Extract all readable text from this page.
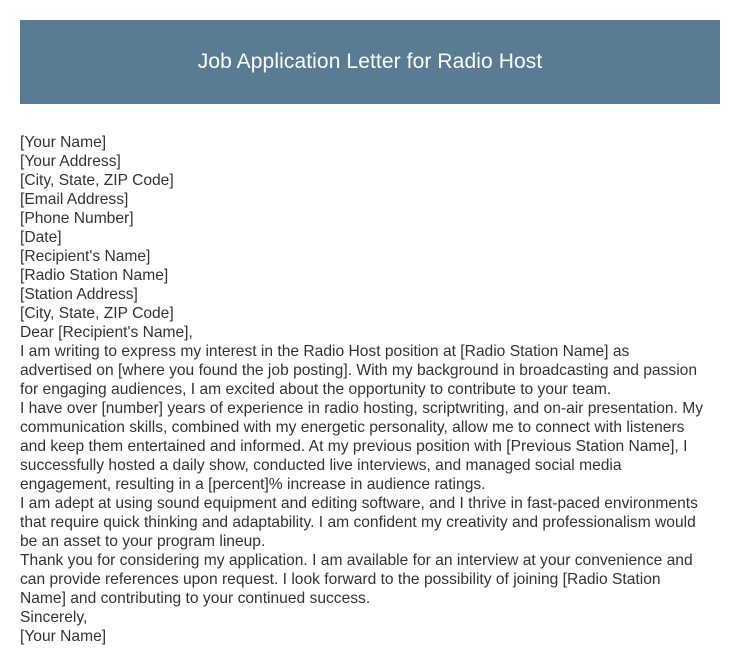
Job Application Letter for Radio Host
[Your Name]
[Your Address]
[City, State, ZIP Code]
[Email Address]
[Phone Number]
[Date]
[Recipient's Name]
[Radio Station Name]
[Station Address]
[City, State, ZIP Code]
Dear [Recipient's Name],
I am writing to express my interest in the Radio Host position at [Radio Station Name] as
advertised on [where you found the job posting]. With my background in broadcasting and passion
for engaging audiences, I am excited about the opportunity to contribute to your team.
I have over [number] years of experience in radio hosting, scriptwriting, and on-air presentation. My
communication skills, combined with my energetic personality, allow me to connect with listeners
and keep them entertained and informed. At my previous position with [Previous Station Name], I
successfully hosted a daily show, conducted live interviews, and managed social media
engagement, resulting in a [percent]% increase in audience ratings.
I am adept at using sound equipment and editing software, and I thrive in fast-paced environments
that require quick thinking and adaptability. I am confident my creativity and professionalism would
be an asset to your program lineup.
Thank you for considering my application. I am available for an interview at your convenience and
can provide references upon request. I look forward to the possibility of joining [Radio Station
Name] and contributing to your continued success.
Sincerely,
[Your Name]
